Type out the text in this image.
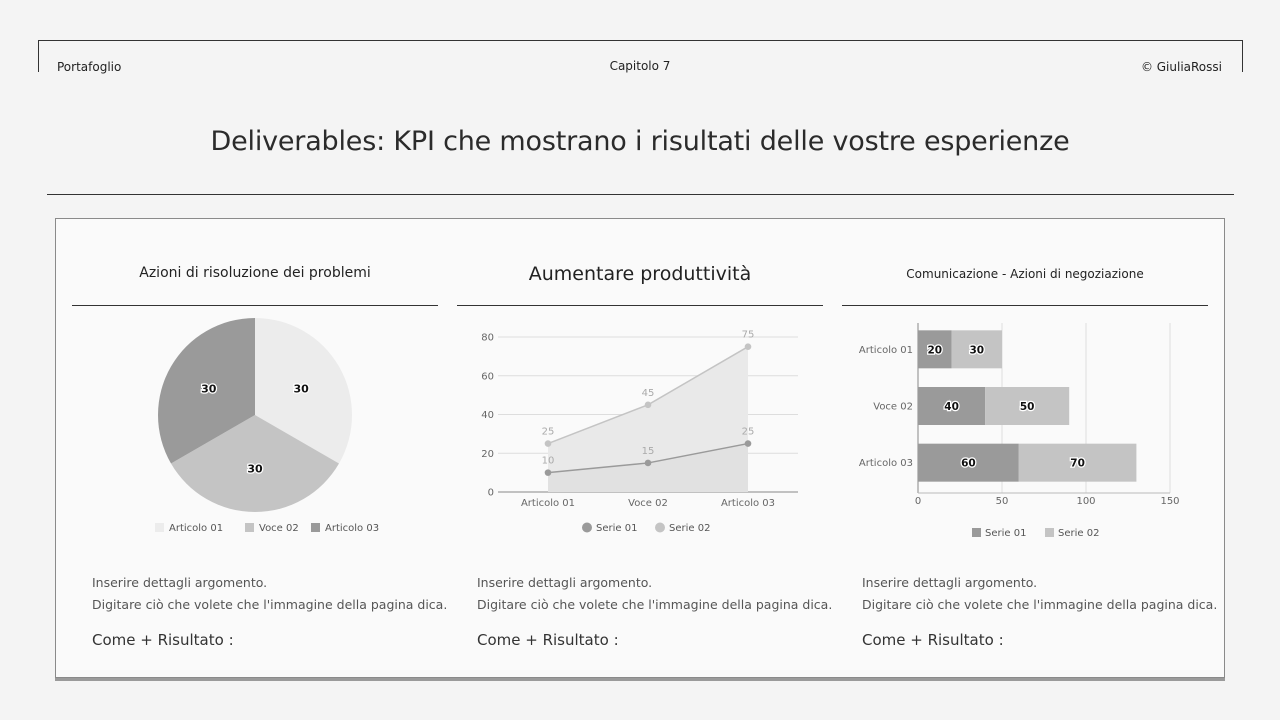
Portafoglio	Capitolo 7	© GiuliaRossi
Deliverables: KPI che mostrano i risultati delle vostre esperienze
Azioni di risoluzione dei problemi
30
30
30
Articolo 01	Voce 02	Articolo 03
Inserire dettagli argomento.
Digitare ciò che volete che l'immagine della pagina dica.
Come + Risultato :
Aumentare produttività
0
20
40
60
80
Articolo 01	Voce 02	Articolo 03
10
15
25
25
45
75
Serie 01	Serie 02
Inserire dettagli argomento.
Digitare ciò che volete che l'immagine della pagina dica.
Come + Risultato :
Comunicazione - Azioni di negoziazione
0	50	100	150
Articolo 01 20	30
Voce 02	40	50
Articolo 03	60	70
Serie 01	Serie 02
Inserire dettagli argomento.
Digitare ciò che volete che l'immagine della pagina dica.
Come + Risultato :
